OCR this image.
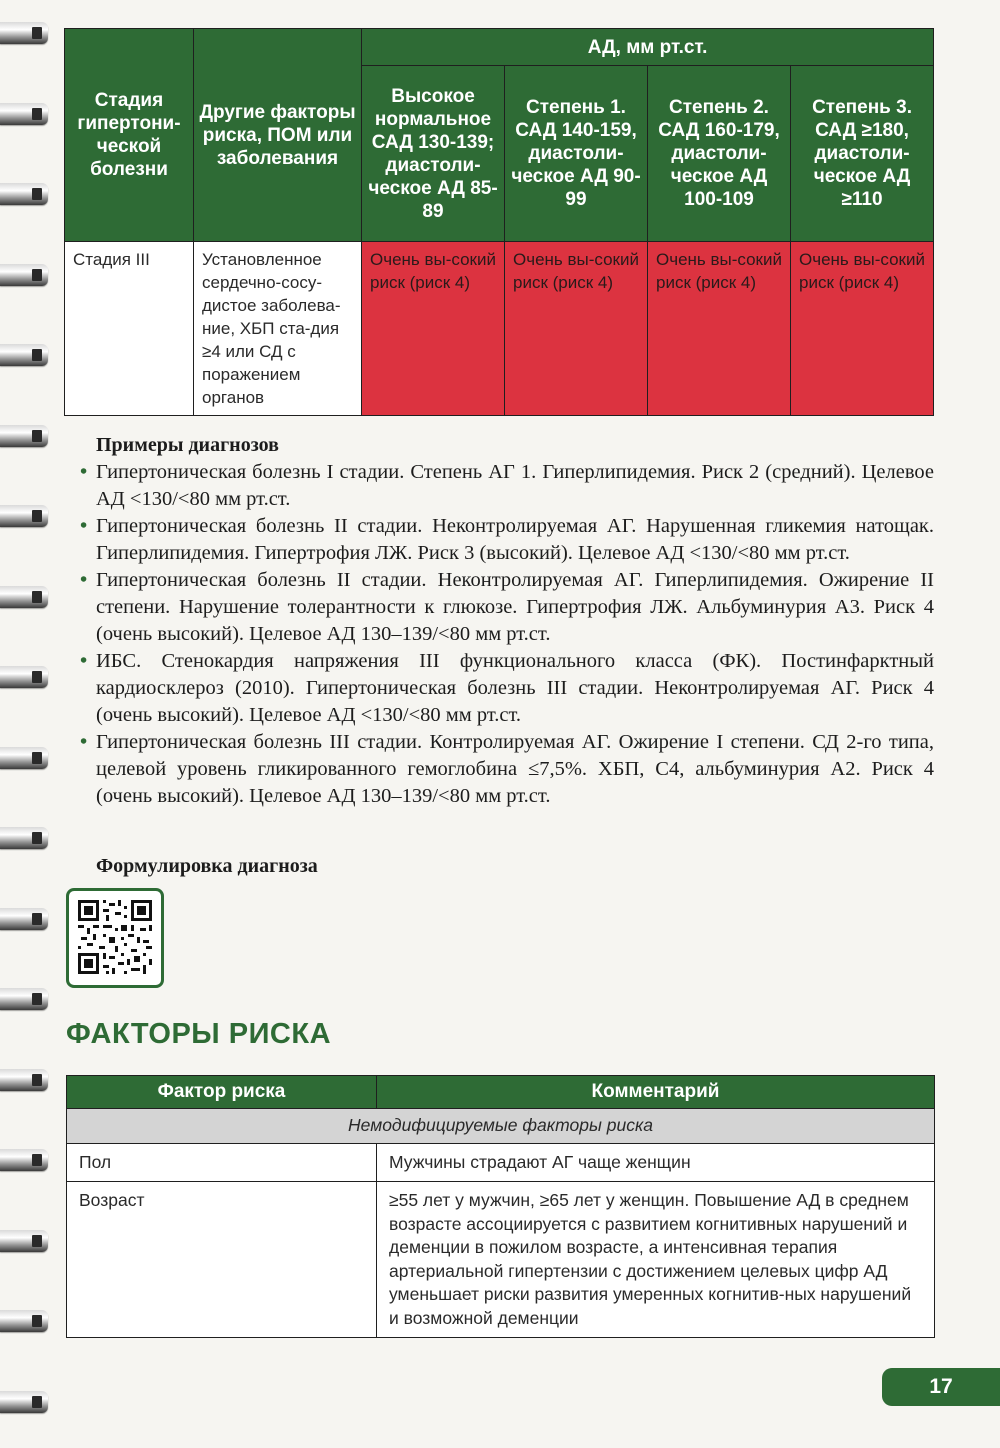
Стадия гипертони-ческой болезни	Другие факторы риска, ПОМ или заболевания	АД, мм рт.ст.			
		Высокое нормальное САД 130-139; диастоли-ческое АД 85-89	Степень 1. САД 140-159, диастоли-ческое АД 90-99	Степень 2. САД 160-179, диастоли-ческое АД 100-109	Степень 3. САД ≥180, диастоли-ческое АД ≥110
Стадия III	Установленное сердечно-сосу-дистое заболева-ние, ХБП ста-дия ≥4 или СД с поражением органов	Очень вы-сокий риск (риск 4)	Очень вы-сокий риск (риск 4)	Очень вы-сокий риск (риск 4)	Очень вы-сокий риск (риск 4)

Примеры диагнозов

• Гипертоническая болезнь I стадии. Степень АГ 1. Гиперлипидемия. Риск 2 (средний). Целевое АД <130/<80 мм рт.ст.
• Гипертоническая болезнь II стадии. Неконтролируемая АГ. Нарушенная гликемия натощак. Гиперлипидемия. Гипертрофия ЛЖ. Риск 3 (высокий). Целевое АД <130/<80 мм рт.ст.
• Гипертоническая болезнь II стадии. Неконтролируемая АГ. Гиперлипидемия. Ожирение II степени. Нарушение толерантности к глюкозе. Гипертрофия ЛЖ. Альбуминурия А3. Риск 4 (очень высокий). Целевое АД 130–139/<80 мм рт.ст.
• ИБС. Стенокардия напряжения III функционального класса (ФК). Постинфарктный кардиосклероз (2010). Гипертоническая болезнь III стадии. Неконтролируемая АГ. Риск 4 (очень высокий). Целевое АД <130/<80 мм рт.ст.
• Гипертоническая болезнь III стадии. Контролируемая АГ. Ожирение I степени. СД 2-го типа, целевой уровень гликированного гемоглобина ≤7,5%. ХБП, С4, альбуминурия А2. Риск 4 (очень высокий). Целевое АД 130–139/<80 мм рт.ст.

Формулировка диагноза

ФАКТОРЫ РИСКА
Фактор риска	Комментарий
Немодифицируемые факторы риска	
Пол	Мужчины страдают АГ чаще женщин
Возраст	≥55 лет у мужчин, ≥65 лет у женщин. Повышение АД в среднем возрасте ассоциируется с развитием когнитивных нарушений и деменции в пожилом возрасте, а интенсивная терапия артериальной гипертензии с достижением целевых цифр АД уменьшает риски развития умеренных когнитив-ных нарушений и возможной деменции
17
